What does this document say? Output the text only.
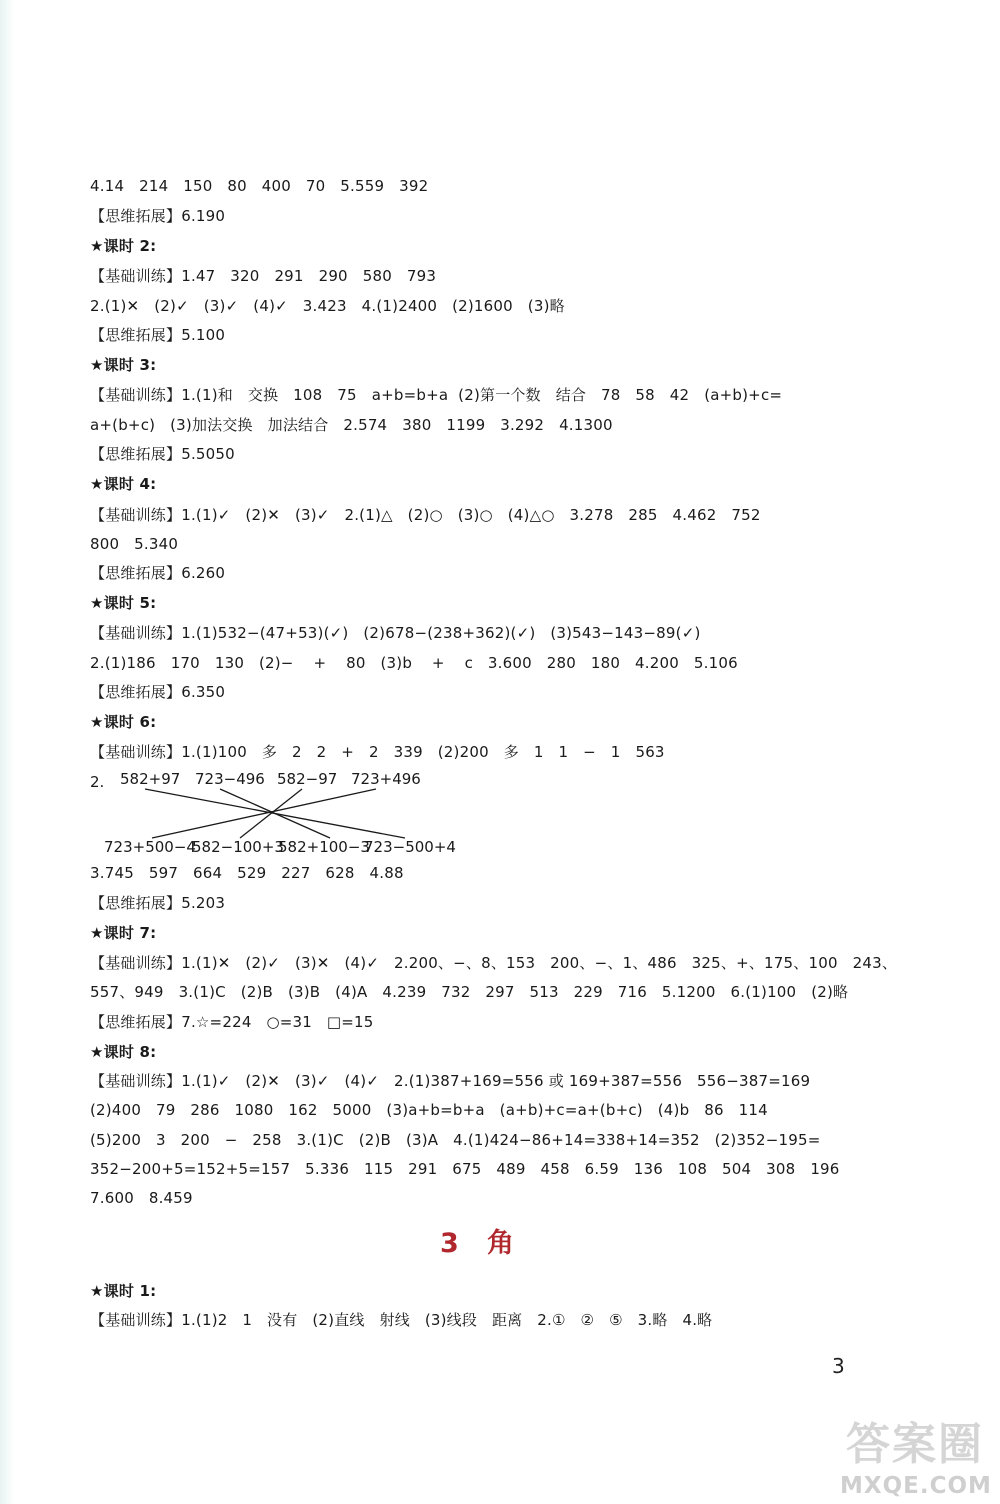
4.14   214   150   80   400   70   5.559   392
【思维拓展】6.190
★课时 2:
【基础训练】1.47   320   291   290   580   793
2.(1)✕   (2)✓   (3)✓   (4)✓   3.423   4.(1)2400   (2)1600   (3)略
【思维拓展】5.100
★课时 3:
【基础训练】1.(1)和   交换   108   75   a+b=b+a  (2)第一个数   结合   78   58   42   (a+b)+c=
a+(b+c)   (3)加法交换   加法结合   2.574   380   1199   3.292   4.1300
【思维拓展】5.5050
★课时 4:
【基础训练】1.(1)✓   (2)✕   (3)✓   2.(1)△   (2)○   (3)○   (4)△○   3.278   285   4.462   752
800   5.340
【思维拓展】6.260
★课时 5:
【基础训练】1.(1)532−(47+53)(✓)   (2)678−(238+362)(✓)   (3)543−143−89(✓)
2.(1)186   170   130   (2)−    +    80   (3)b    +    c   3.600   280   180   4.200   5.106
【思维拓展】6.350
★课时 6:
【基础训练】1.(1)100   多   2   2   +   2   339   (2)200   多   1   1   −   1   563
2. 582+97 723−496 582−97 723+496
723+500−4
582−100+3
582+100−3
723−500+4
3.745   597   664   529   227   628   4.88
【思维拓展】5.203
★课时 7:
【基础训练】1.(1)✕   (2)✓   (3)✕   (4)✓   2.200、−、8、153   200、−、1、486   325、+、175、100   243、
557、949   3.(1)C   (2)B   (3)B   (4)A   4.239   732   297   513   229   716   5.1200   6.(1)100   (2)略
【思维拓展】7.☆=224   ○=31   □=15
★课时 8:
【基础训练】1.(1)✓   (2)✕   (3)✓   (4)✓   2.(1)387+169=556 或 169+387=556   556−387=169
(2)400   79   286   1080   162   5000   (3)a+b=b+a   (a+b)+c=a+(b+c)   (4)b   86   114
(5)200   3   200   −   258   3.(1)C   (2)B   (3)A   4.(1)424−86+14=338+14=352   (2)352−195=
352−200+5=152+5=157   5.336   115   291   675   489   458   6.59   136   108   504   308   196
7.600   8.459
3   角
★课时 1:
【基础训练】1.(1)2   1   没有   (2)直线   射线   (3)线段   距离   2.①   ②   ⑤   3.略   4.略
3
答案圈
MXQE.COM
